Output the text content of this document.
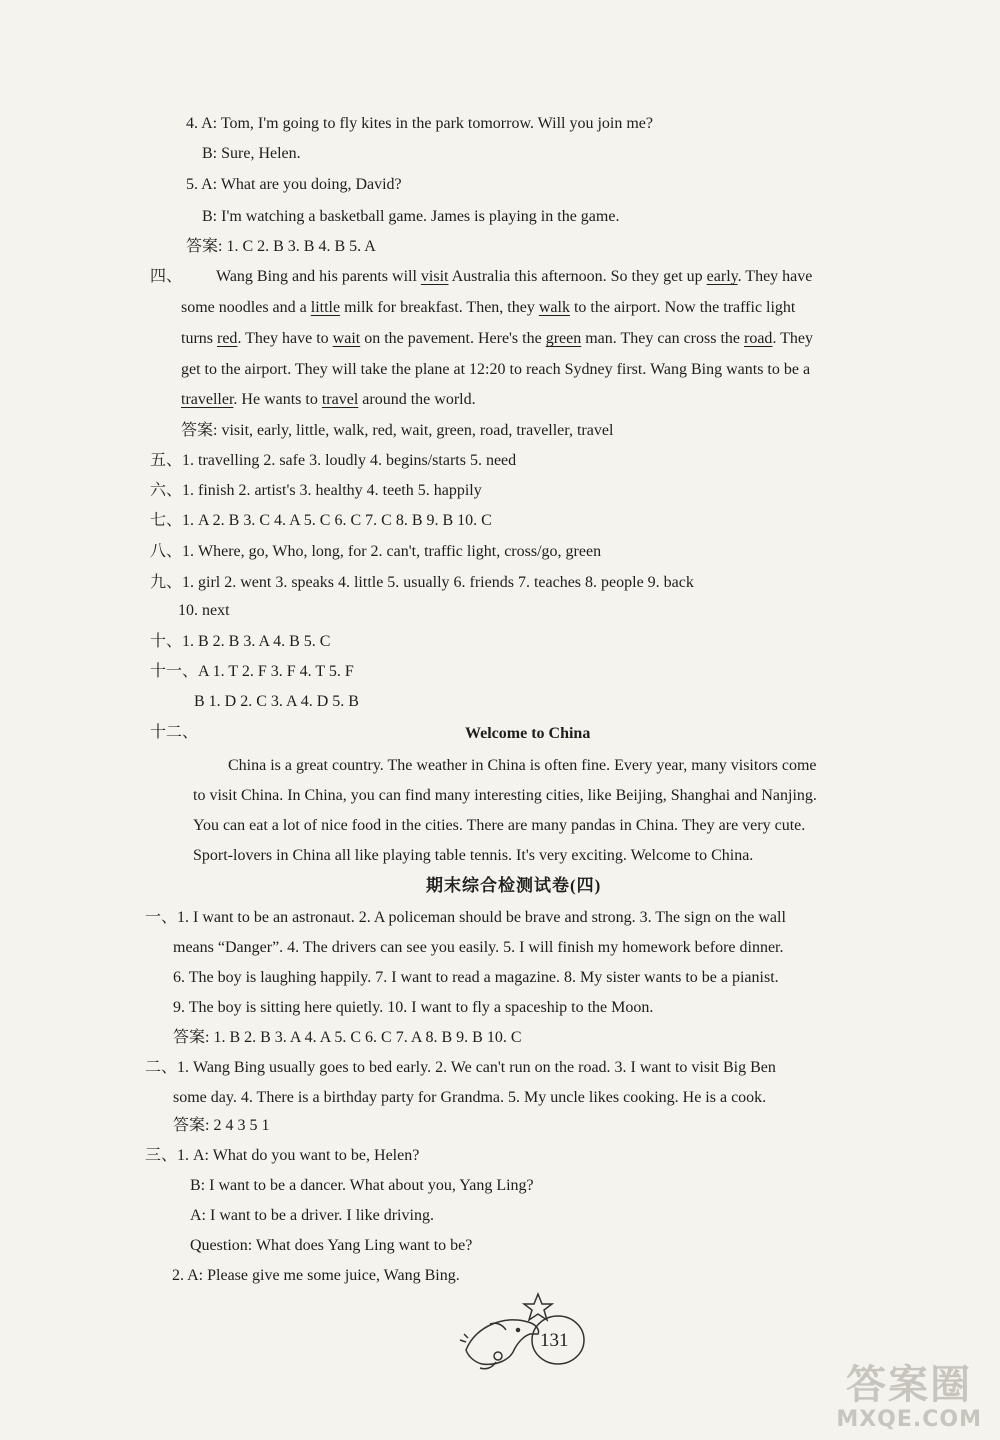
4. A: Tom, I'm going to fly kites in the park tomorrow. Will you join me?
B: Sure, Helen.
5. A: What are you doing, David?
B: I'm watching a basketball game. James is playing in the game.
答案: 1. C 2. B 3. B 4. B 5. A
四、 Wang Bing and his parents will visit Australia this afternoon. So they get up early. They have
some noodles and a little milk for breakfast. Then, they walk to the airport. Now the traffic light
turns red. They have to wait on the pavement. Here's the green man. They can cross the road. They
get to the airport. They will take the plane at 12:20 to reach Sydney first. Wang Bing wants to be a
traveller. He wants to travel around the world.
答案: visit, early, little, walk, red, wait, green, road, traveller, travel
五、1. travelling 2. safe 3. loudly 4. begins/starts 5. need
六、1. finish 2. artist's 3. healthy 4. teeth 5. happily
七、1. A 2. B 3. C 4. A 5. C 6. C 7. C 8. B 9. B 10. C
八、1. Where, go, Who, long, for 2. can't, traffic light, cross/go, green
九、1. girl 2. went 3. speaks 4. little 5. usually 6. friends 7. teaches 8. people 9. back
10. next
十、1. B 2. B 3. A 4. B 5. C
十一、A 1. T 2. F 3. F 4. T 5. F
B 1. D 2. C 3. A 4. D 5. B
十二、	Welcome to China
China is a great country. The weather in China is often fine. Every year, many visitors come
to visit China. In China, you can find many interesting cities, like Beijing, Shanghai and Nanjing.
You can eat a lot of nice food in the cities. There are many pandas in China. They are very cute.
Sport-lovers in China all like playing table tennis. It's very exciting. Welcome to China.
期末综合检测试卷(四)
一、1. I want to be an astronaut. 2. A policeman should be brave and strong. 3. The sign on the wall
means “Danger”. 4. The drivers can see you easily. 5. I will finish my homework before dinner.
6. The boy is laughing happily. 7. I want to read a magazine. 8. My sister wants to be a pianist.
9. The boy is sitting here quietly. 10. I want to fly a spaceship to the Moon.
答案: 1. B 2. B 3. A 4. A 5. C 6. C 7. A 8. B 9. B 10. C
二、1. Wang Bing usually goes to bed early. 2. We can't run on the road. 3. I want to visit Big Ben
some day. 4. There is a birthday party for Grandma. 5. My uncle likes cooking. He is a cook.
答案: 2 4 3 5 1
三、1. A: What do you want to be, Helen?
B: I want to be a dancer. What about you, Yang Ling?
A: I want to be a driver. I like driving.
Question: What does Yang Ling want to be?
2. A: Please give me some juice, Wang Bing.
131
答案圈
MXQE.COM
